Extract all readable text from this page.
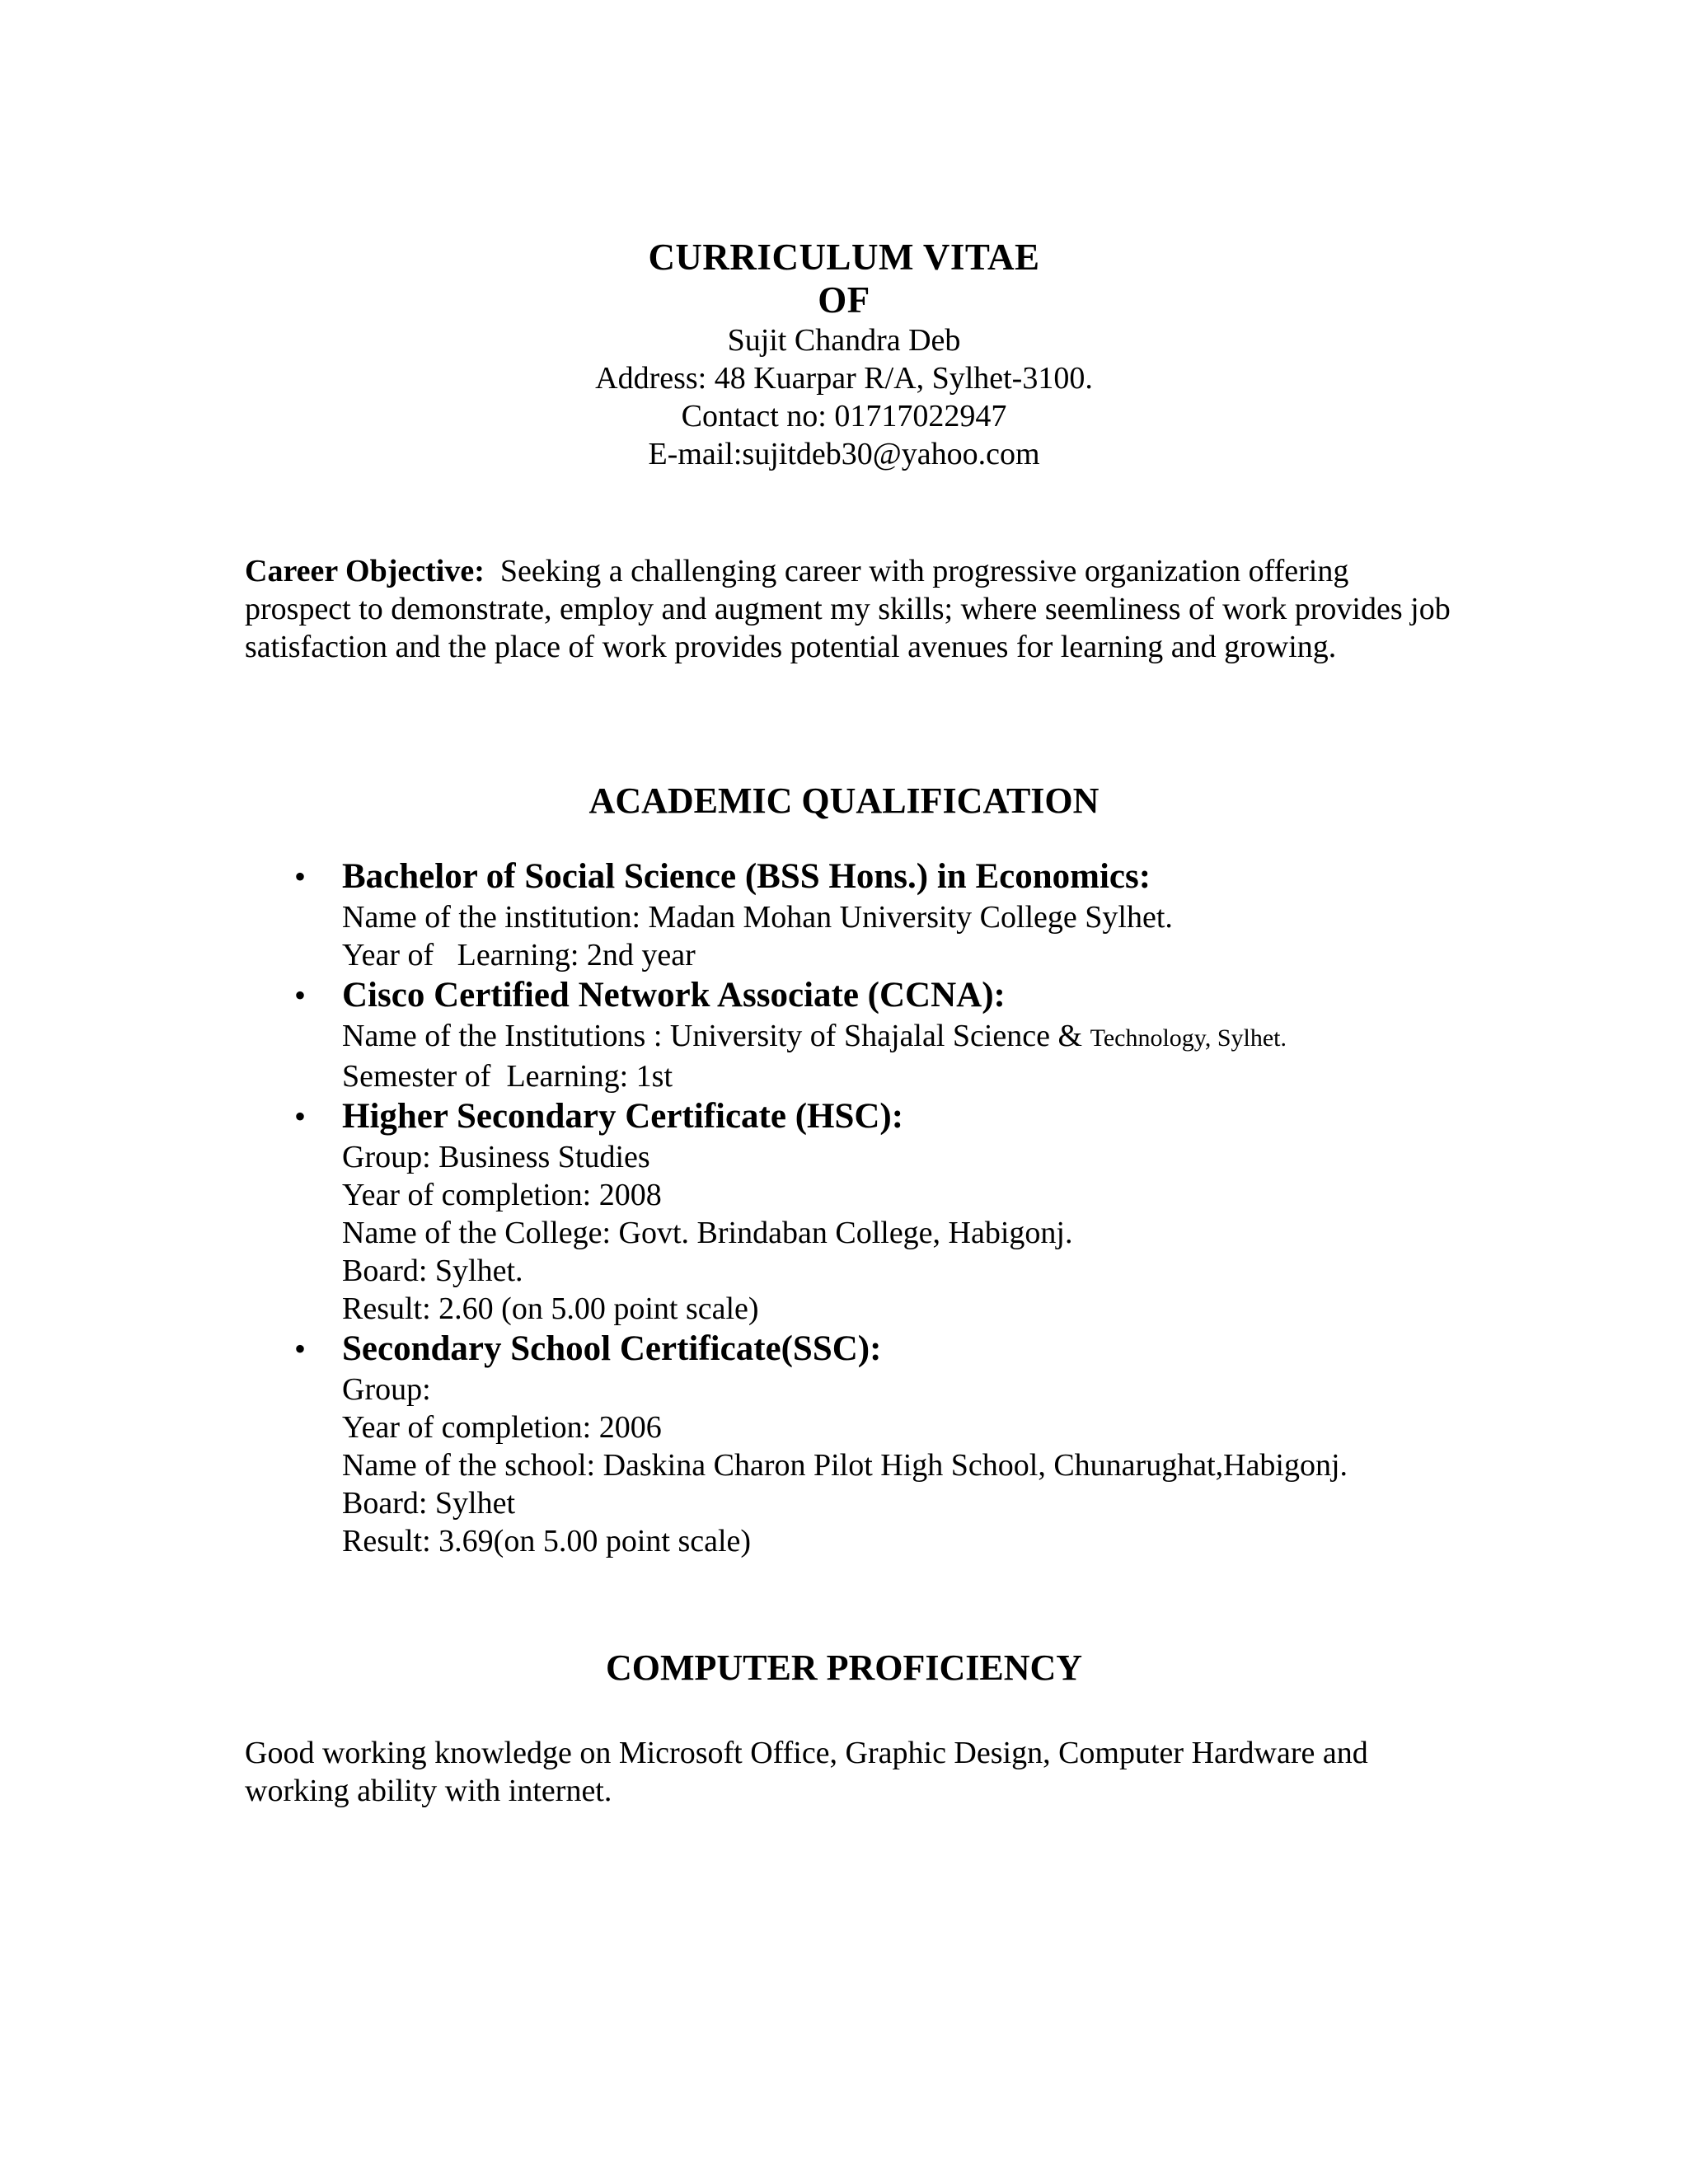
CURRICULUM VITAE
OF
Sujit Chandra Deb
Address: 48 Kuarpar R/A, Sylhet-3100.
Contact no: 01717022947
E-mail:sujitdeb30@yahoo.com
Career Objective: Seeking a challenging career with progressive organization offering prospect to demonstrate, employ and augment my skills; where seemliness of work provides job satisfaction and the place of work provides potential avenues for learning and growing.
ACADEMIC QUALIFICATION
• Bachelor of Social Science (BSS Hons.) in Economics:
Name of the institution: Madan Mohan University College Sylhet.
Year of   Learning: 2nd year
• Cisco Certified Network Associate (CCNA):
Name of the Institutions : University of Shajalal Science & Technology, Sylhet.
Semester of  Learning: 1st
• Higher Secondary Certificate (HSC):
Group: Business Studies
Year of completion: 2008
Name of the College: Govt. Brindaban College, Habigonj.
Board: Sylhet.
Result: 2.60 (on 5.00 point scale)
• Secondary School Certificate(SSC):
Group:
Year of completion: 2006
Name of the school: Daskina Charon Pilot High School, Chunarughat,Habigonj.
Board: Sylhet
Result: 3.69(on 5.00 point scale)
COMPUTER PROFICIENCY
Good working knowledge on Microsoft Office, Graphic Design, Computer Hardware and working ability with internet.
